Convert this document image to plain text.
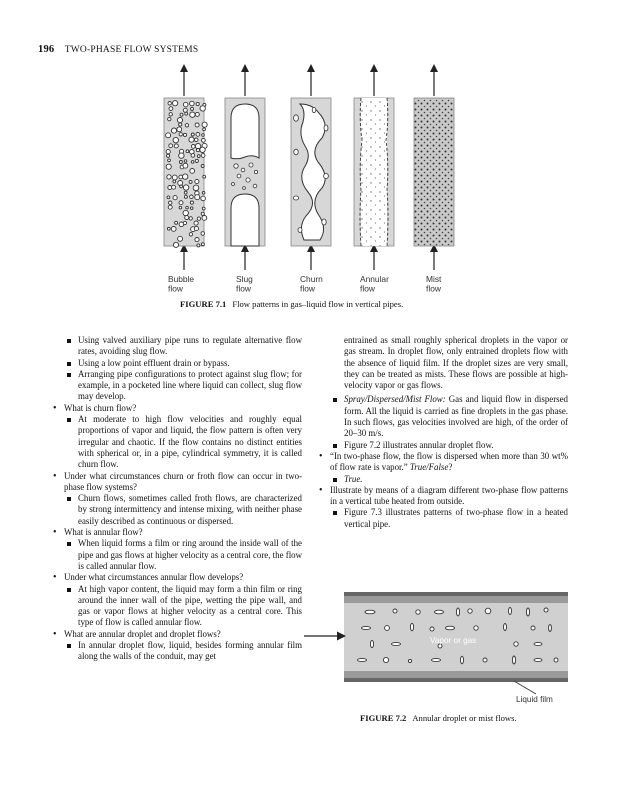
196 TWO-PHASE FLOW SYSTEMS
Bubble flow
Slug flow
Churn flow
Annular flow
Mist flow
FIGURE 7.1 Flow patterns in gas–liquid flow in vertical pipes.

Using valved auxiliary pipe runs to regulate alternative flow rates, avoiding slug flow.

Using a low point effluent drain or bypass.

Arranging pipe configurations to protect against slug flow; for example, in a pocketed line where liquid can collect, slug flow may develop.

• What is churn flow?

At moderate to high flow velocities and roughly equal proportions of vapor and liquid, the flow pattern is often very irregular and chaotic. If the flow contains no distinct entities with spherical or, in a pipe, cylindrical symmetry, it is called churn flow.

• Under what circumstances churn or froth flow can occur in two-phase flow systems?

Churn flows, sometimes called froth flows, are characterized by strong intermittency and intense mixing, with neither phase easily described as continuous or dispersed.

• What is annular flow?

When liquid forms a film or ring around the inside wall of the pipe and gas flows at higher velocity as a central core, the flow is called annular flow.

• Under what circumstances annular flow develops?

At high vapor content, the liquid may form a thin film or ring around the inner wall of the pipe, wetting the pipe wall, and gas or vapor flows at higher velocity as a central core. This type of flow is called annular flow.

• What are annular droplet and droplet flows?

In annular droplet flow, liquid, besides forming annular film along the walls of the conduit, may get

entrained as small roughly spherical droplets in the vapor or gas stream. In droplet flow, only entrained droplets flow with the absence of liquid film. If the droplet sizes are very small, they can be treated as mists. These flows are possible at high-velocity vapor or gas flows.

Spray/Dispersed/Mist Flow: Gas and liquid flow in dispersed form. All the liquid is carried as fine droplets in the gas phase. In such flows, gas velocities involved are high, of the order of 20–30 m/s.

Figure 7.2 illustrates annular droplet flow.

• “In two-phase flow, the flow is dispersed when more than 30 wt% of flow rate is vapor.” True/False?

True.

• Illustrate by means of a diagram different two-phase flow patterns in a vertical tube heated from outside.

Figure 7.3 illustrates patterns of two-phase flow in a heated vertical pipe.

Vapor or gas
Liquid film
FIGURE 7.2 Annular droplet or mist flows.
